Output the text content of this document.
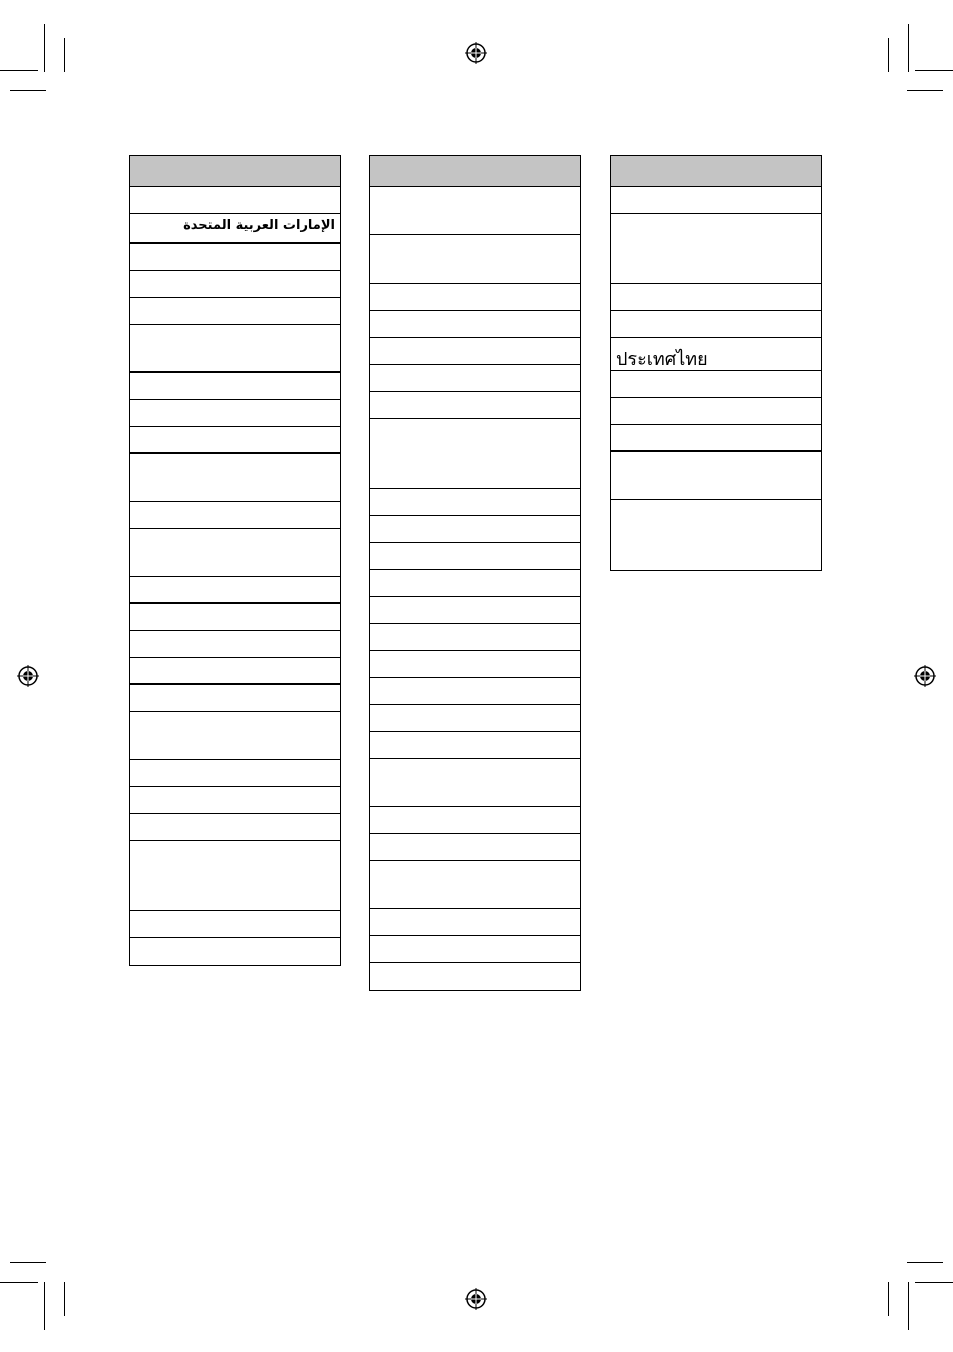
الإمارات العربية المتحدة
ประเทศไทย
